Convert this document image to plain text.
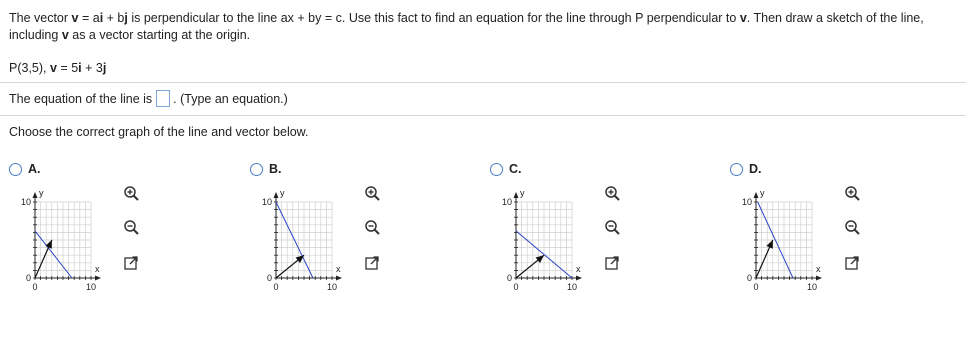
The vector v = ai + bj is perpendicular to the line ax + by = c. Use this fact to find an equation for the line through P perpendicular to v. Then draw a sketch of the line,
including v as a vector starting at the origin.
P(3,5), v = 5i + 3j
The equation of the line is . (Type an equation.)
Choose the correct graph of the line and vector below.
A.
y
x
10
0
0	10
B.
y
x
10
0
0	10
C.
y
x
10
0
0	10
D.
y
x
10
0
0	10
